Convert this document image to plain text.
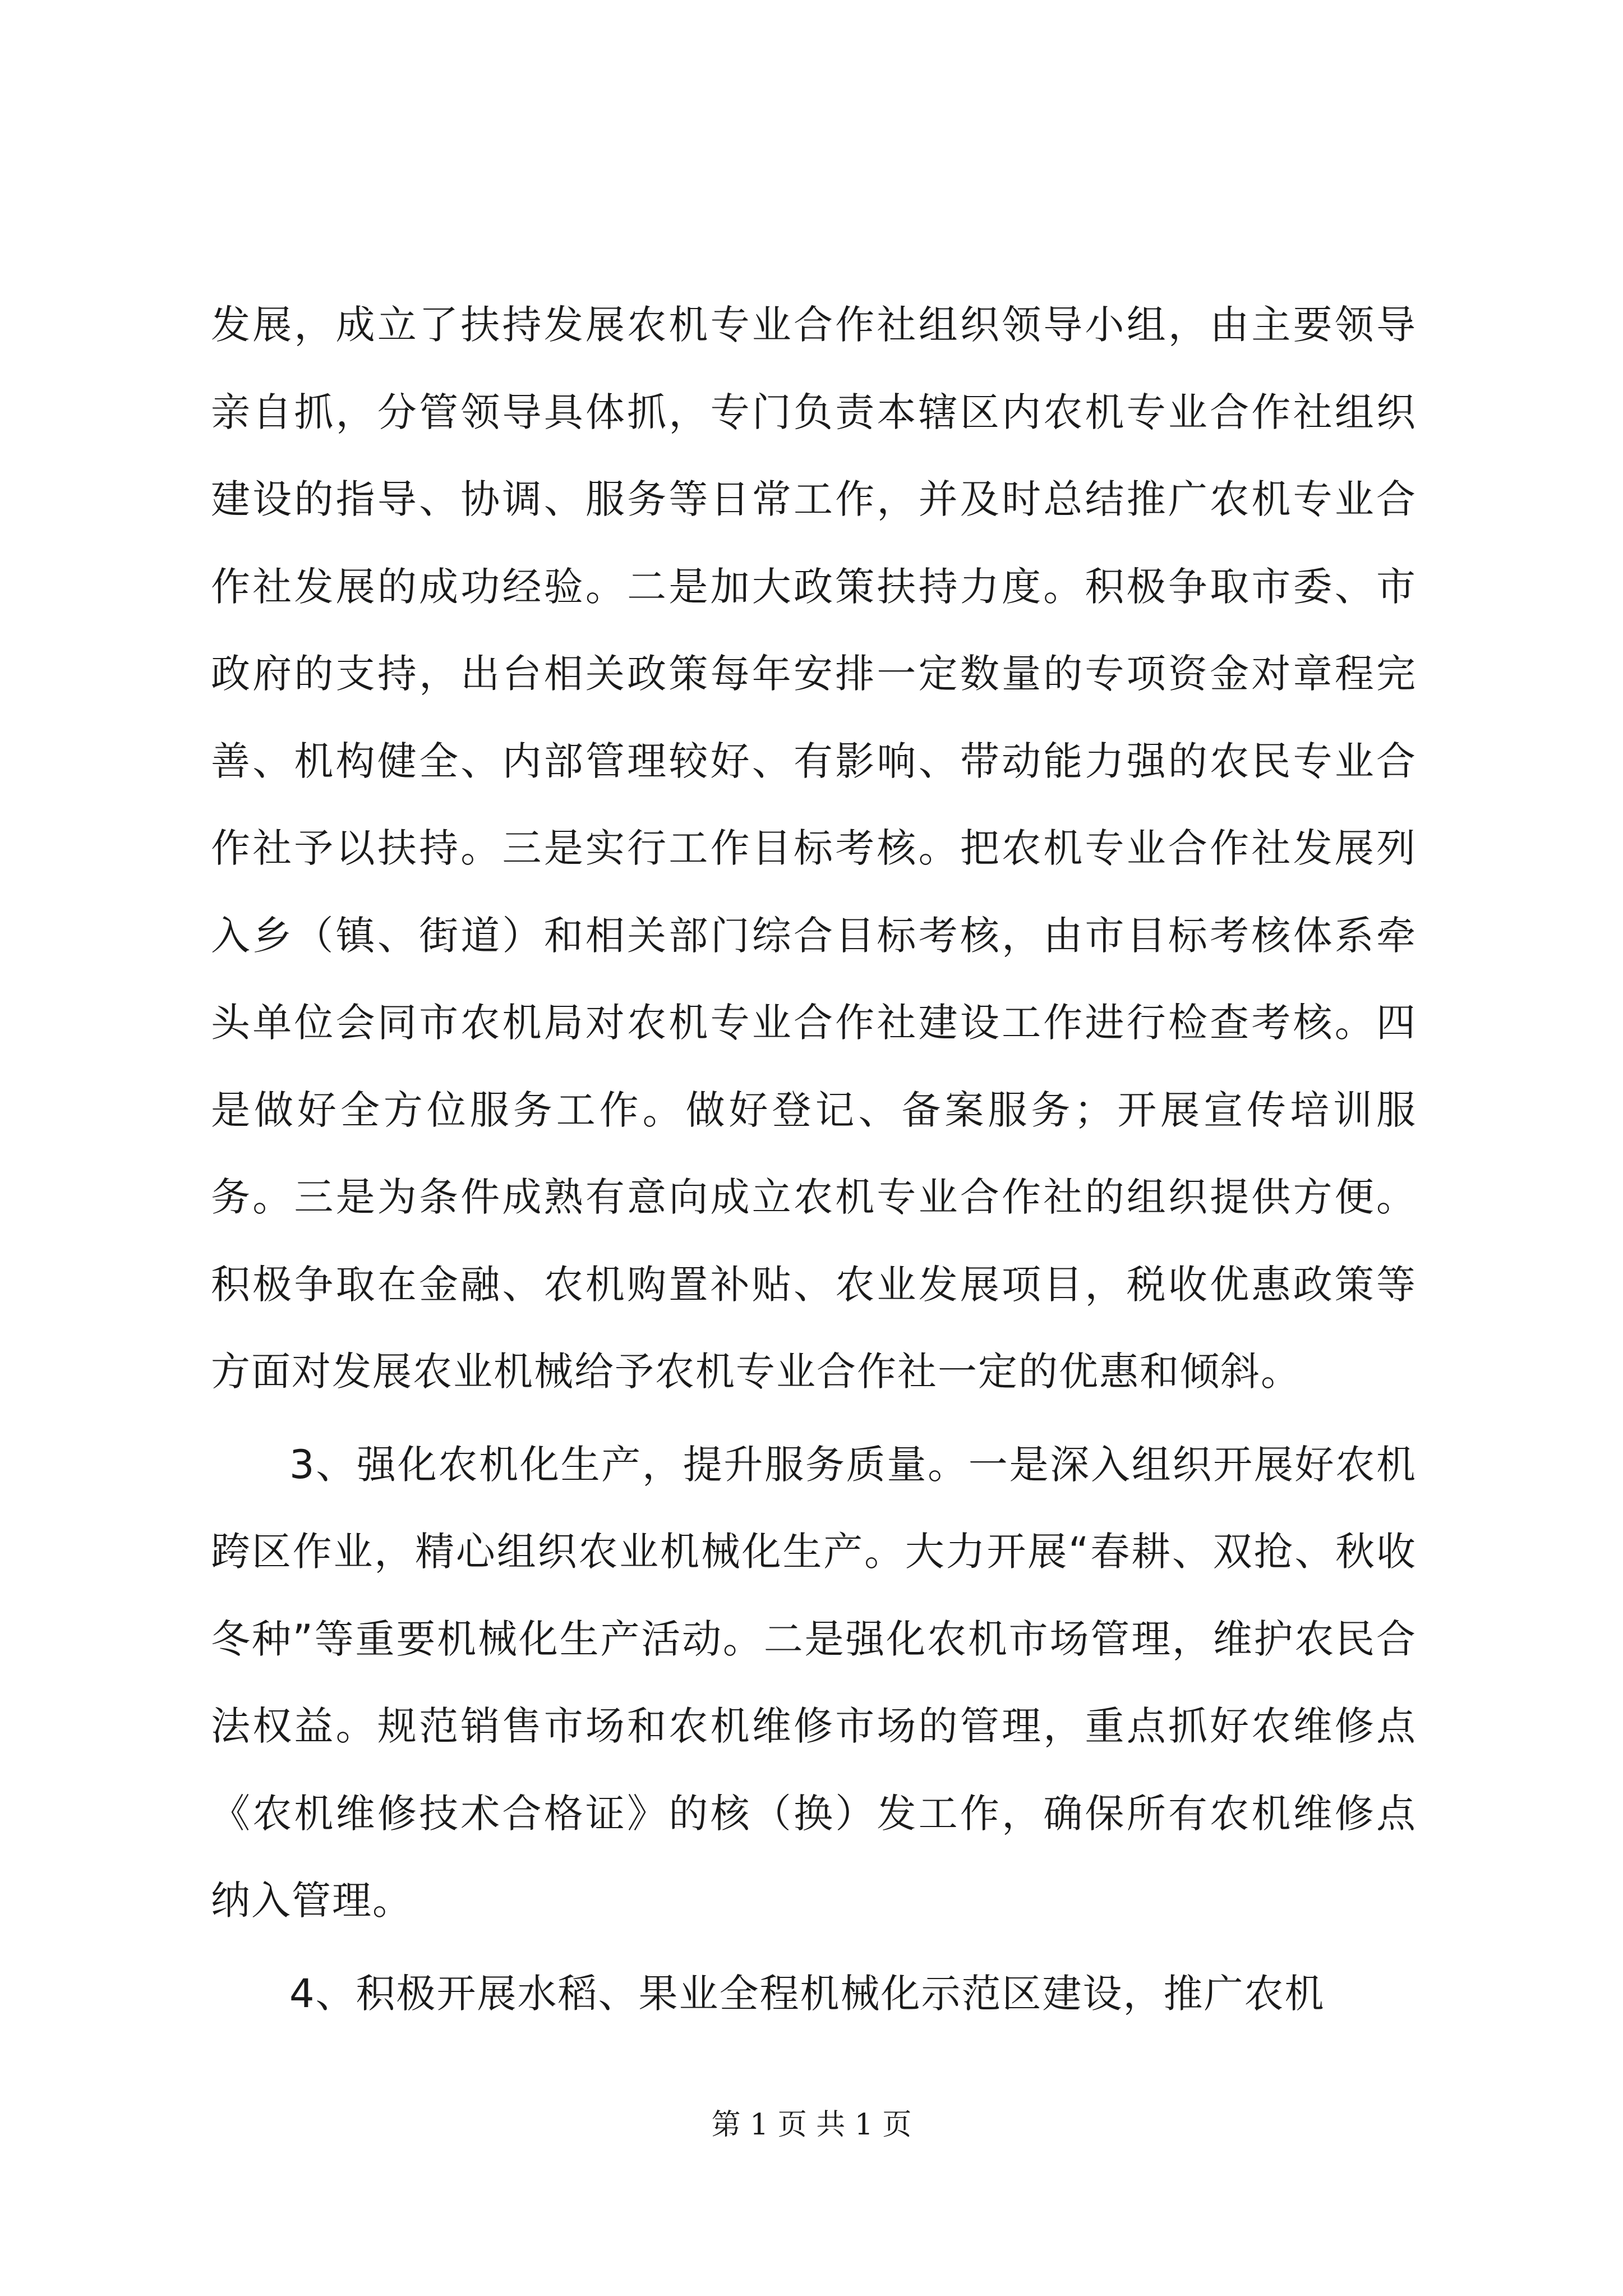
发展，成立了扶持发展农机专业合作社组织领导小组，由主要领导亲自抓，分管领导具体抓，专门负责本辖区内农机专业合作社组织建设的指导、协调、服务等日常工作，并及时总结推广农机专业合作社发展的成功经验。二是加大政策扶持力度。积极争取市委、市政府的支持，出台相关政策每年安排一定数量的专项资金对章程完善、机构健全、内部管理较好、有影响、带动能力强的农民专业合作社予以扶持。三是实行工作目标考核。把农机专业合作社发展列入乡（镇、街道）和相关部门综合目标考核，由市目标考核体系牵头单位会同市农机局对农机专业合作社建设工作进行检查考核。四是做好全方位服务工作。做好登记、备案服务；开展宣传培训服务。三是为条件成熟有意向成立农机专业合作社的组织提供方便。积极争取在金融、农机购置补贴、农业发展项目，税收优惠政策等方面对发展农业机械给予农机专业合作社一定的优惠和倾斜。

3、强化农机化生产，提升服务质量。一是深入组织开展好农机跨区作业，精心组织农业机械化生产。大力开展“春耕、双抢、秋收冬种”等重要机械化生产活动。二是强化农机市场管理，维护农民合法权益。规范销售市场和农机维修市场的管理，重点抓好农维修点《农机维修技术合格证》的核（换）发工作，确保所有农机维修点纳入管理。

4、积极开展水稻、果业全程机械化示范区建设，推广农机

第 1 页 共 1 页
